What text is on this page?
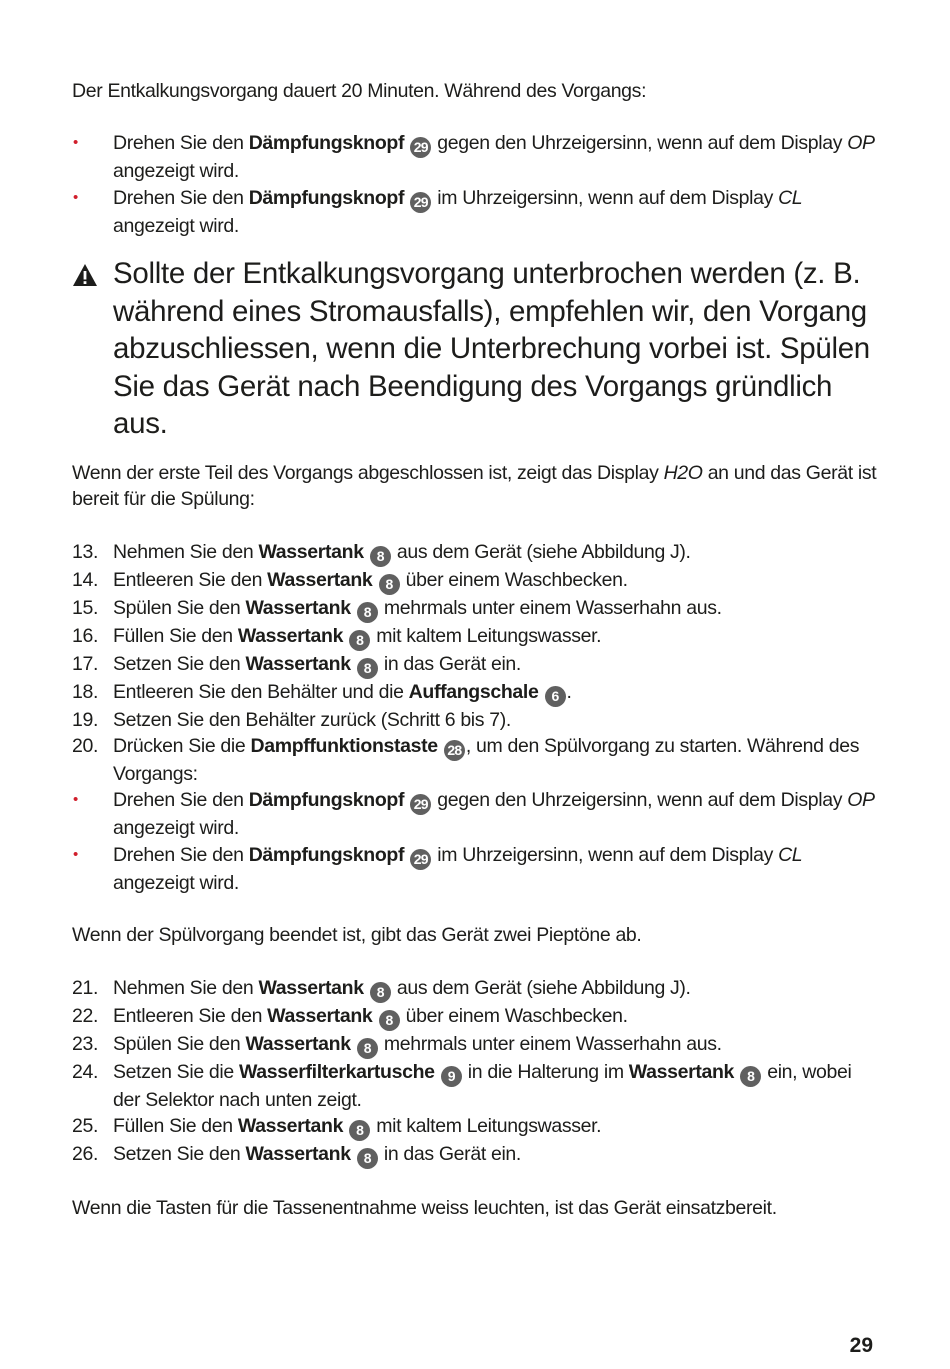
Der Entkalkungsvorgang dauert 20 Minuten. Während des Vorgangs:

• Drehen Sie den Dämpfungsknopf 29 gegen den Uhrzeigersinn, wenn auf dem Display OP angezeigt wird.
• Drehen Sie den Dämpfungsknopf 29 im Uhrzeigersinn, wenn auf dem Display CL angezeigt wird.
Sollte der Entkalkungsvorgang unterbrochen werden (z. B. während eines Stromausfalls), empfehlen wir, den Vorgang abzuschliessen, wenn die Unterbrechung vorbei ist. Spülen Sie das Gerät nach Beendigung des Vorgangs gründlich aus.

Wenn der erste Teil des Vorgangs abgeschlossen ist, zeigt das Display H2O an und das Gerät ist bereit für die Spülung:

13. Nehmen Sie den Wassertank 8 aus dem Gerät (siehe Abbildung J).
14. Entleeren Sie den Wassertank 8 über einem Waschbecken.
15. Spülen Sie den Wassertank 8 mehrmals unter einem Wasserhahn aus.
16. Füllen Sie den Wassertank 8 mit kaltem Leitungswasser.
17. Setzen Sie den Wassertank 8 in das Gerät ein.
18. Entleeren Sie den Behälter und die Auffangschale 6 .
19. Setzen Sie den Behälter zurück (Schritt 6 bis 7).
20. Drücken Sie die Dampffunktionstaste 28 , um den Spülvorgang zu starten. Während des Vorgangs:
• Drehen Sie den Dämpfungsknopf 29 gegen den Uhrzeigersinn, wenn auf dem Display OP angezeigt wird.
• Drehen Sie den Dämpfungsknopf 29 im Uhrzeigersinn, wenn auf dem Display CL angezeigt wird.

Wenn der Spülvorgang beendet ist, gibt das Gerät zwei Pieptöne ab.

21. Nehmen Sie den Wassertank 8 aus dem Gerät (siehe Abbildung J).
22. Entleeren Sie den Wassertank 8 über einem Waschbecken.
23. Spülen Sie den Wassertank 8 mehrmals unter einem Wasserhahn aus.
24. Setzen Sie die Wasserfilterkartusche 9 in die Halterung im Wassertank 8 ein, wobei der Selektor nach unten zeigt.
25. Füllen Sie den Wassertank 8 mit kaltem Leitungswasser.
26. Setzen Sie den Wassertank 8 in das Gerät ein.

Wenn die Tasten für die Tassenentnahme weiss leuchten, ist das Gerät einsatzbereit.

29
